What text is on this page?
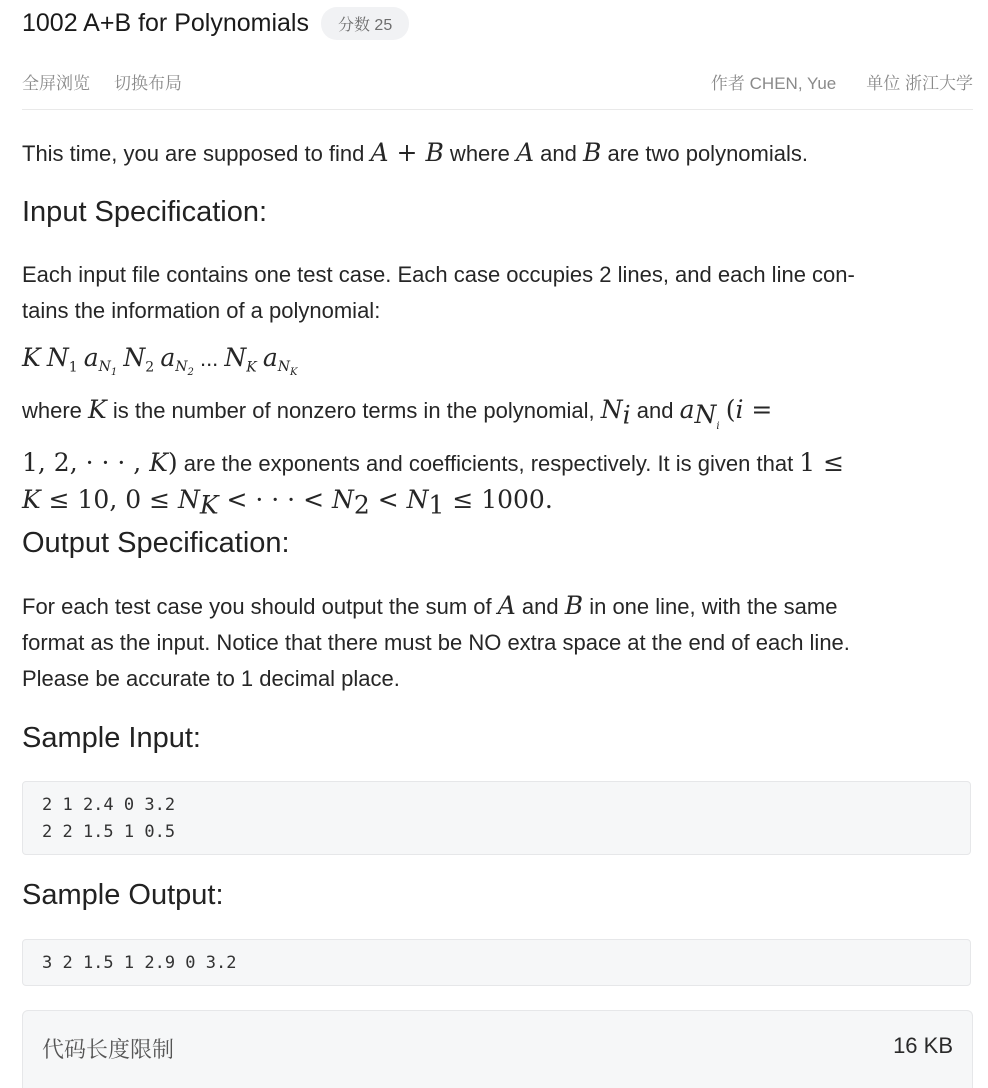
1002 A+B for Polynomials	分数 25
全屏浏览 切换布局	作者 CHEN, Yue 单位 浙江大学
This time, you are supposed to find A + B where A and B are two polynomials.
Input Specification:
Each input file contains one test case. Each case occupies 2 lines, and each line con-
tains the information of a polynomial:
K $N_1$ $a_{N_1}$ $N_2$ $a_{N_2}$ ... $N_K$ $a_{N_K}$
where K is the number of nonzero terms in the polynomial, $N_i$ and $a_{N_i}$ (i =
1, 2, · · · , K) are the exponents and coefficients, respectively. It is given that 1 ≤
K ≤ 10, $0 \le N_K$ < · · · < $N_2 < N_1 \le 1000$.
Output Specification:
For each test case you should output the sum of A and B in one line, with the same
format as the input. Notice that there must be NO extra space at the end of each line.
Please be accurate to 1 decimal place.
Sample Input:
2 1 2.4 0 3.2
2 2 1.5 1 0.5
Sample Output:
3 2 1.5 1 2.9 0 3.2
代码长度限制	16 KB
